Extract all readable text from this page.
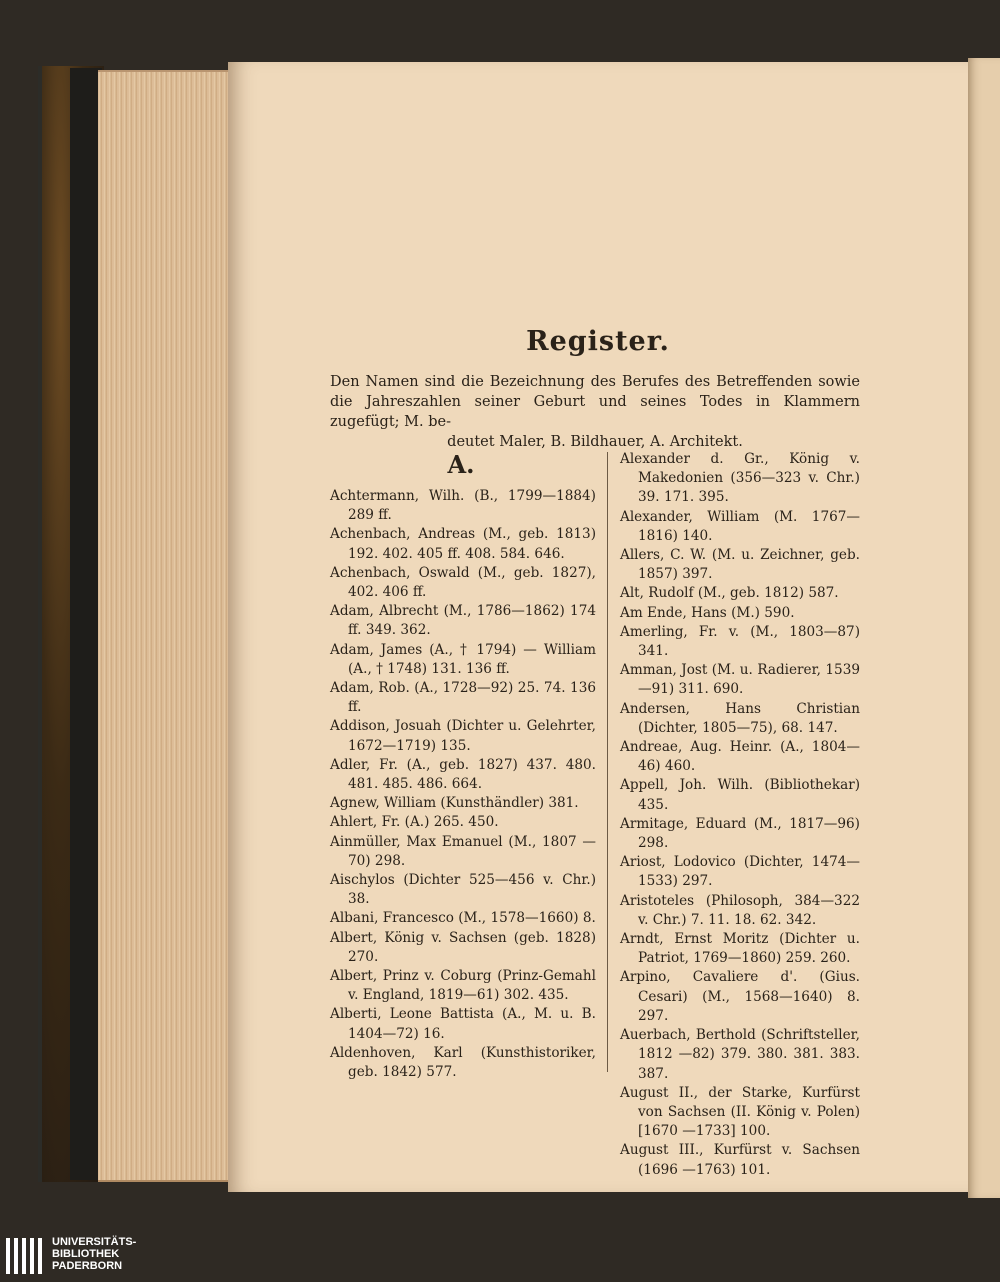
Register.
Den Namen sind die Bezeichnung des Berufes des Betreffenden sowie die Jahreszahlen seiner Geburt und seines Todes in Klammern zugefügt; M. be-
deutet Maler, B. Bildhauer, A. Architekt.
A.

Achtermann, Wilh. (B., 1799—1884) 289 ff.

Achenbach, Andreas (M., geb. 1813) 192. 402. 405 ff. 408. 584. 646.

Achenbach, Oswald (M., geb. 1827), 402. 406 ff.

Adam, Albrecht (M., 1786—1862) 174 ff. 349. 362.

Adam, James (A., † 1794) — William (A., † 1748) 131. 136 ff.

Adam, Rob. (A., 1728—92) 25. 74. 136 ff.

Addison, Josuah (Dichter u. Gelehrter, 1672—1719) 135.

Adler, Fr. (A., geb. 1827) 437. 480. 481. 485. 486. 664.

Agnew, William (Kunsthändler) 381.

Ahlert, Fr. (A.) 265. 450.

Ainmüller, Max Emanuel (M., 1807 —70) 298.

Aischylos (Dichter 525—456 v. Chr.) 38.

Albani, Francesco (M., 1578—1660) 8.

Albert, König v. Sachsen (geb. 1828) 270.

Albert, Prinz v. Coburg (Prinz-Gemahl v. England, 1819—61) 302. 435.

Alberti, Leone Battista (A., M. u. B. 1404—72) 16.

Aldenhoven, Karl (Kunsthistoriker, geb. 1842) 577.

Alexander d. Gr., König v. Makedonien (356—323 v. Chr.) 39. 171. 395.

Alexander, William (M. 1767—1816) 140.

Allers, C. W. (M. u. Zeichner, geb. 1857) 397.

Alt, Rudolf (M., geb. 1812) 587.

Am Ende, Hans (M.) 590.

Amerling, Fr. v. (M., 1803—87) 341.

Amman, Jost (M. u. Radierer, 1539 —91) 311. 690.

Andersen, Hans Christian (Dichter, 1805—75), 68. 147.

Andreae, Aug. Heinr. (A., 1804—46) 460.

Appell, Joh. Wilh. (Bibliothekar) 435.

Armitage, Eduard (M., 1817—96) 298.

Ariost, Lodovico (Dichter, 1474—1533) 297.

Aristoteles (Philosoph, 384—322 v. Chr.) 7. 11. 18. 62. 342.

Arndt, Ernst Moritz (Dichter u. Patriot, 1769—1860) 259. 260.

Arpino, Cavaliere d'. (Gius. Cesari) (M., 1568—1640) 8. 297.

Auerbach, Berthold (Schriftsteller, 1812 —82) 379. 380. 381. 383. 387.

August II., der Starke, Kurfürst von Sachsen (II. König v. Polen) [1670 —1733] 100.

August III., Kurfürst v. Sachsen (1696 —1763) 101.

UNIVERSITÄTS-
BIBLIOTHEK
PADERBORN
